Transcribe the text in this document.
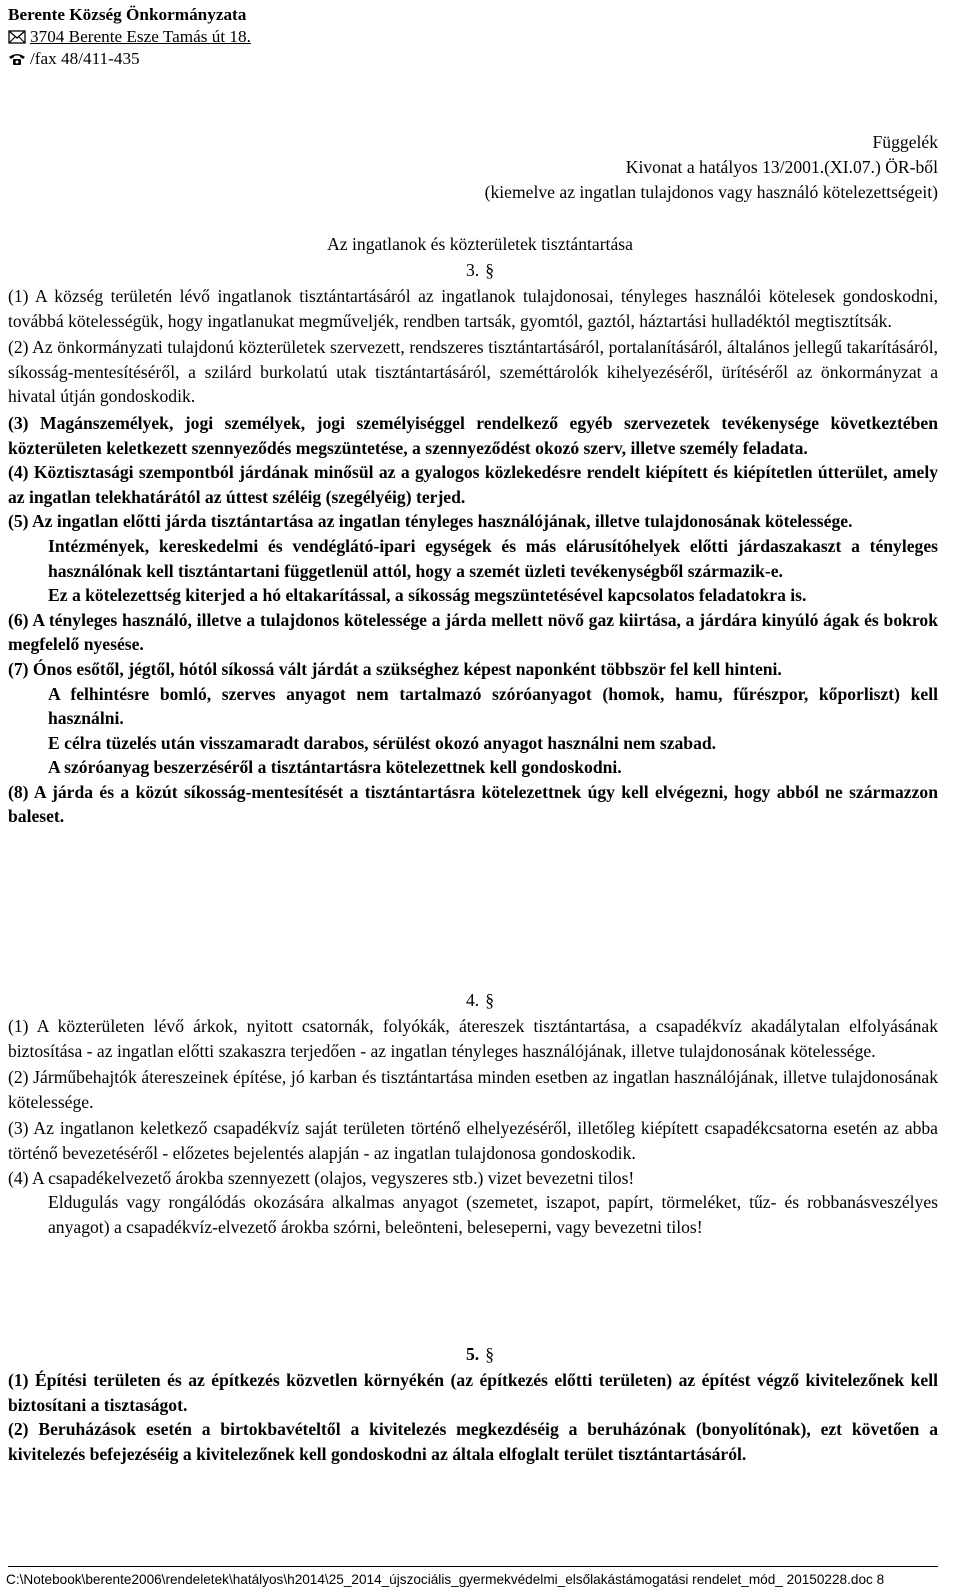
Berente Község Önkormányzata
3704 Berente Esze Tamás út 18.
/fax 48/411-435
Függelék
Kivonat a hatályos 13/2001.(XI.07.) ÖR-ből
(kiemelve az ingatlan tulajdonos vagy használó kötelezettségeit)
Az ingatlanok és közterületek tisztántartása
3. §

(1) A község területén lévő ingatlanok tisztántartásáról az ingatlanok tulajdonosai, tényleges használói kötelesek gondoskodni, továbbá kötelességük, hogy ingatlanukat megműveljék, rendben tartsák, gyomtól, gaztól, háztartási hulladéktól megtisztítsák.

(2) Az önkormányzati tulajdonú közterületek szervezett, rendszeres tisztántartásáról, portalanításáról, általános jellegű takarításáról, síkosság-mentesítéséről, a szilárd burkolatú utak tisztántartásáról, szeméttárolók kihelyezéséről, ürítéséről az önkormányzat a hivatal útján gondoskodik.

(3) Magánszemélyek, jogi személyek, jogi személyiséggel rendelkező egyéb szervezetek tevékenysége következtében közterületen keletkezett szennyeződés megszüntetése, a szennyeződést okozó szerv, illetve személy feladata.

(4) Köztisztasági szempontból járdának minősül az a gyalogos közlekedésre rendelt kiépített és kiépítetlen útterület, amely az ingatlan telekhatárától az úttest széléig (szegélyéig) terjed.

(5) Az ingatlan előtti járda tisztántartása az ingatlan tényleges használójának, illetve tulajdonosának kötelessége.

Intézmények, kereskedelmi és vendéglátó-ipari egységek és más elárusítóhelyek előtti járdaszakaszt a tényleges használónak kell tisztántartani függetlenül attól, hogy a szemét üzleti tevékenységből származik-e.

Ez a kötelezettség kiterjed a hó eltakarítással, a síkosság megszüntetésével kapcsolatos feladatokra is.

(6) A tényleges használó, illetve a tulajdonos kötelessége a járda mellett növő gaz kiirtása, a járdára kinyúló ágak és bokrok megfelelő nyesése.

(7) Ónos esőtől, jégtől, hótól síkossá vált járdát a szükséghez képest naponként többször fel kell hinteni.

A felhintésre bomló, szerves anyagot nem tartalmazó szóróanyagot (homok, hamu, fűrészpor, kőporliszt) kell használni.

E célra tüzelés után visszamaradt darabos, sérülést okozó anyagot használni nem szabad.

A szóróanyag beszerzéséről a tisztántartásra kötelezettnek kell gondoskodni.

(8) A járda és a közút síkosság-mentesítését a tisztántartásra kötelezettnek úgy kell elvégezni, hogy abból ne származzon baleset.

4. §

(1) A közterületen lévő árkok, nyitott csatornák, folyókák, átereszek tisztántartása, a csapadékvíz akadálytalan elfolyásának biztosítása - az ingatlan előtti szakaszra terjedően - az ingatlan tényleges használójának, illetve tulajdonosának kötelessége.

(2) Járműbehajtók átereszeinek építése, jó karban és tisztántartása minden esetben az ingatlan használójának, illetve tulajdonosának kötelessége.

(3) Az ingatlanon keletkező csapadékvíz saját területen történő elhelyezéséről, illetőleg kiépített csapadékcsatorna esetén az abba történő bevezetéséről - előzetes bejelentés alapján - az ingatlan tulajdonosa gondoskodik.

(4) A csapadékelvezető árokba szennyezett (olajos, vegyszeres stb.) vizet bevezetni tilos!

Eldugulás vagy rongálódás okozására alkalmas anyagot (szemetet, iszapot, papírt, törmeléket, tűz- és robbanásveszélyes anyagot) a csapadékvíz-elvezető árokba szórni, beleönteni, beleseperni, vagy bevezetni tilos!

5. §

(1) Építési területen és az építkezés közvetlen környékén (az építkezés előtti területen) az építést végző kivitelezőnek kell biztosítani a tisztaságot.

(2) Beruházások esetén a birtokbavételtől a kivitelezés megkezdéséig a beruházónak (bonyolítónak), ezt követően a kivitelezés befejezéséig a kivitelezőnek kell gondoskodni az általa elfoglalt terület tisztántartásáról.

C:\Notebook\berente2006\rendeletek\hatályos\h2014\25_2014_újszociális_gyermekvédelmi_elsőlakástámogatási rendelet_mód_ 20150228.doc 8
